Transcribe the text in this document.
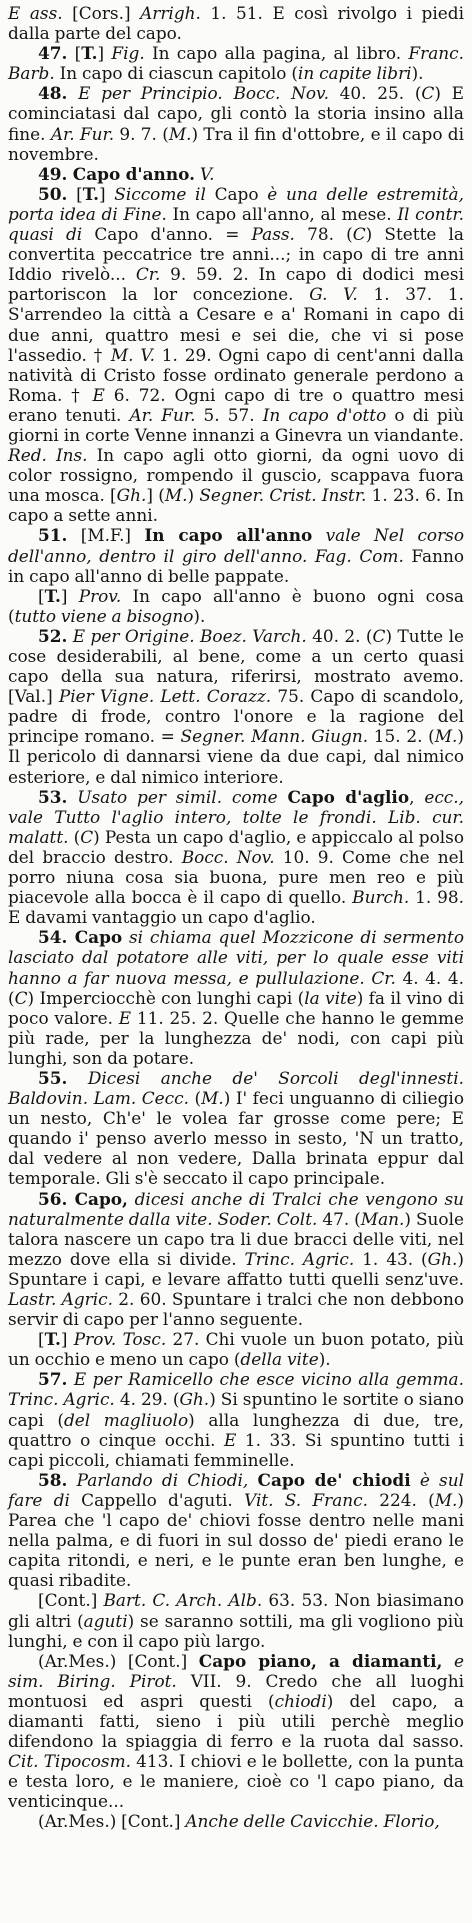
E ass. [Cors.] Arrigh. 1. 51. E così rivolgo i piedi dalla parte del capo.

47. [T.] Fig. In capo alla pagina, al libro. Franc. Barb. In capo di ciascun capitolo (in capite libri).

48. E per Principio. Bocc. Nov. 40. 25. (C) E cominciatasi dal capo, gli contò la storia insino alla fine. Ar. Fur. 9. 7. (M.) Tra il fin d'ottobre, e il capo di novembre.

49. Capo d'anno. V.

50. [T.] Siccome il Capo è una delle estremità, porta idea di Fine. In capo all'anno, al mese. Il contr. quasi di Capo d'anno. = Pass. 78. (C) Stette la convertita peccatrice tre anni...; in capo di tre anni Iddio rivelò... Cr. 9. 59. 2. In capo di dodici mesi partoriscon la lor concezione. G. V. 1. 37. 1. S'arrendeo la città a Cesare e a' Romani in capo di due anni, quattro mesi e sei die, che vi si pose l'assedio. † M. V. 1. 29. Ogni capo di cent'anni dalla natività di Cristo fosse ordinato generale perdono a Roma. † E 6. 72. Ogni capo di tre o quattro mesi erano tenuti. Ar. Fur. 5. 57. In capo d'otto o di più giorni in corte Venne innanzi a Ginevra un viandante. Red. Ins. In capo agli otto giorni, da ogni uovo di color rossigno, rompendo il guscio, scappava fuora una mosca. [Gh.] (M.) Segner. Crist. Instr. 1. 23. 6. In capo a sette anni.

51. [M.F.] In capo all'anno vale Nel corso dell'anno, dentro il giro dell'anno. Fag. Com. Fanno in capo all'anno di belle pappate.

[T.] Prov. In capo all'anno è buono ogni cosa (tutto viene a bisogno).

52. E per Origine. Boez. Varch. 40. 2. (C) Tutte le cose desiderabili, al bene, come a un certo quasi capo della sua natura, riferirsi, mostrato avemo. [Val.] Pier Vigne. Lett. Corazz. 75. Capo di scandolo, padre di frode, contro l'onore e la ragione del principe romano. = Segner. Mann. Giugn. 15. 2. (M.) Il pericolo di dannarsi viene da due capi, dal nimico esteriore, e dal nimico interiore.

53. Usato per simil. come Capo d'aglio, ecc., vale Tutto l'aglio intero, tolte le frondi. Lib. cur. malatt. (C) Pesta un capo d'aglio, e appiccalo al polso del braccio destro. Bocc. Nov. 10. 9. Come che nel porro niuna cosa sia buona, pure men reo e più piacevole alla bocca è il capo di quello. Burch. 1. 98. E davami vantaggio un capo d'aglio.

54. Capo si chiama quel Mozzicone di sermento lasciato dal potatore alle viti, per lo quale esse viti hanno a far nuova messa, e pullulazione. Cr. 4. 4. 4. (C) Imperciocchè con lunghi capi (la vite) fa il vino di poco valore. E 11. 25. 2. Quelle che hanno le gemme più rade, per la lunghezza de' nodi, con capi più lunghi, son da potare.

55. Dicesi anche de' Sorcoli degl'innesti. Baldovin. Lam. Cecc. (M.) I' feci unguanno di ciliegio un nesto, Ch'e' le volea far grosse come pere; E quando i' penso averlo messo in sesto, 'N un tratto, dal vedere al non vedere, Dalla brinata eppur dal temporale. Gli s'è seccato il capo principale.

56. Capo, dicesi anche di Tralci che vengono su naturalmente dalla vite. Soder. Colt. 47. (Man.) Suole talora nascere un capo tra li due bracci delle viti, nel mezzo dove ella si divide. Trinc. Agric. 1. 43. (Gh.) Spuntare i capi, e levare affatto tutti quelli senz'uve. Lastr. Agric. 2. 60. Spuntare i tralci che non debbono servir di capo per l'anno seguente.

[T.] Prov. Tosc. 27. Chi vuole un buon potato, più un occhio e meno un capo (della vite).

57. E per Ramicello che esce vicino alla gemma. Trinc. Agric. 4. 29. (Gh.) Si spuntino le sortite o siano capi (del magliuolo) alla lunghezza di due, tre, quattro o cinque occhi. E 1. 33. Si spuntino tutti i capi piccoli, chiamati femminelle.

58. Parlando di Chiodi, Capo de' chiodi è sul fare di Cappello d'aguti. Vit. S. Franc. 224. (M.) Parea che 'l capo de' chiovi fosse dentro nelle mani nella palma, e di fuori in sul dosso de' piedi erano le capita ritondi, e neri, e le punte eran ben lunghe, e quasi ribadite.

[Cont.] Bart. C. Arch. Alb. 63. 53. Non biasimano gli altri (aguti) se saranno sottili, ma gli vogliono più lunghi, e con il capo più largo.

(Ar.Mes.) [Cont.] Capo piano, a diamanti, e sim. Biring. Pirot. VII. 9. Credo che all luoghi montuosi ed aspri questi (chiodi) del capo, a diamanti fatti, sieno i più utili perchè meglio difendono la spiaggia di ferro e la ruota dal sasso. Cit. Tipocosm. 413. I chiovi e le bollette, con la punta e testa loro, e le maniere, cioè co 'l capo piano, da venticinque...

(Ar.Mes.) [Cont.] Anche delle Cavicchie. Florio,
